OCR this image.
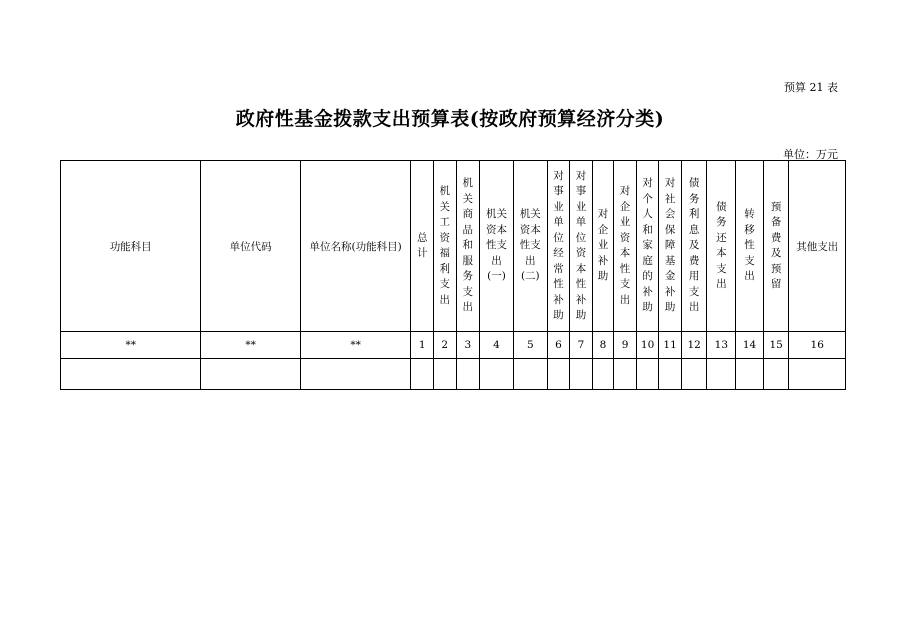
预算 21 表
政府性基金拨款支出预算表(按政府预算经济分类)
单位：万元
功能科目	单位代码	单位名称(功能科目)	总计	机关工资福利支出	机关商品和服务支出	机关资本性支出(一)	机关资本性支出(二)	对事业单位经常性补助	对事业单位资本性补助	对企业补助	对企业资本性支出	对个人和家庭的补助	对社会保障基金补助	债务利息及费用支出	债务还本支出	转移性支出	预备费及预留	其他支出
**	**	**	1	2	3	4	5	6	7	8	9	10	11	12	13	14	15	16
